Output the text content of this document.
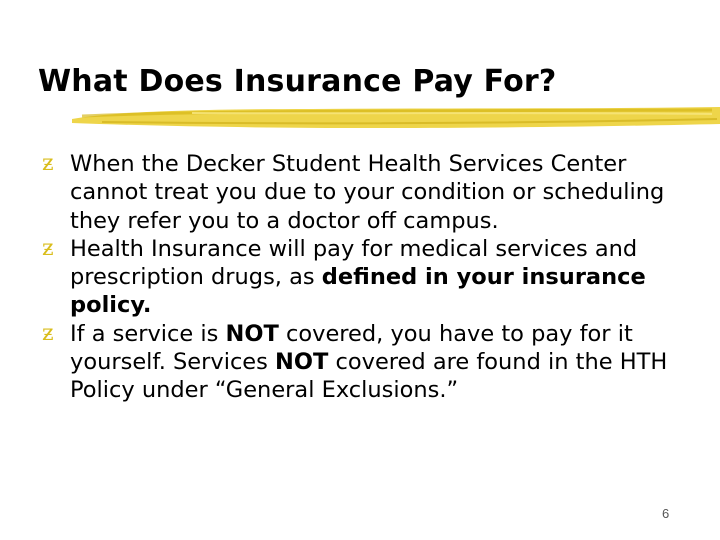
What Does Insurance Pay For?
ƶ When the Decker Student Health Services Center cannot treat you due to your condition or scheduling they refer you to a doctor off campus.
ƶ Health Insurance will pay for medical services and prescription drugs, as defined in your insurance policy.
ƶ If a service is NOT covered, you have to pay for it yourself. Services NOT covered are found in the HTH Policy under “General Exclusions.”
6
